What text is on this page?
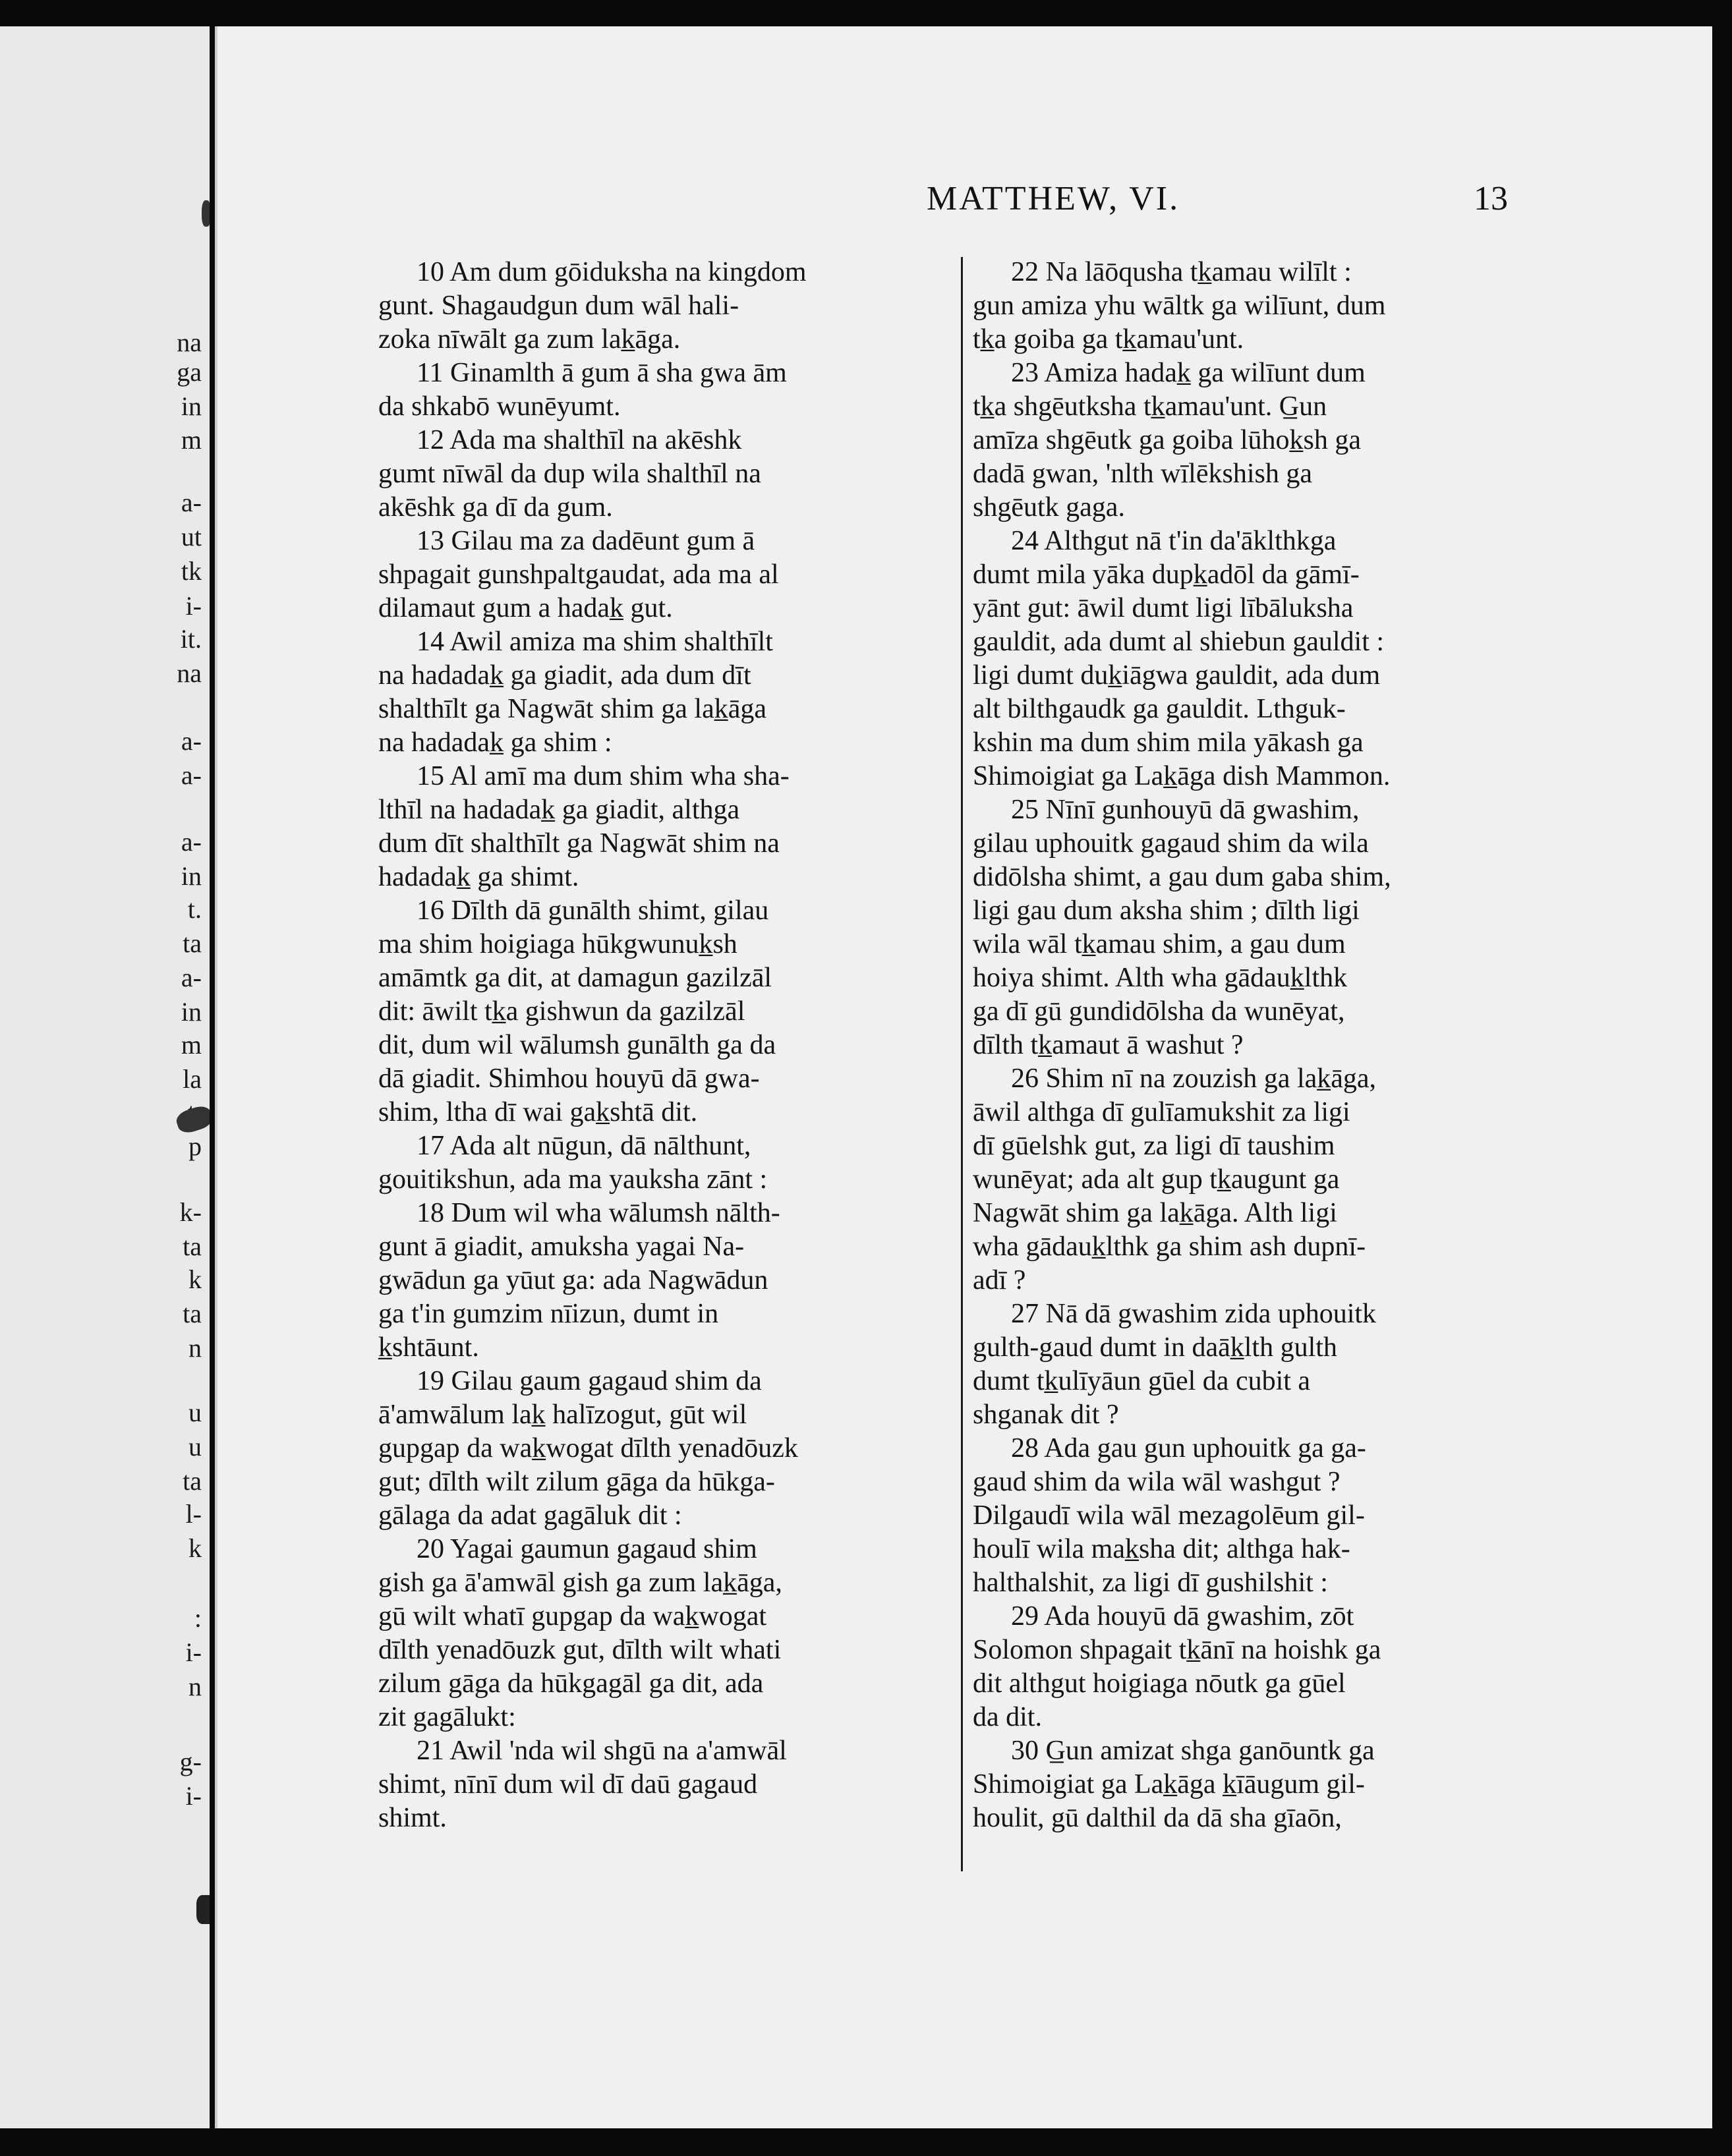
na

ga

in

m

a-

ut

tk

i-

it.

na

a-

a-

a-

in

t.

ta

a-

in

m

la

p

k-

ta

k

ta

n

u

u

ta

l-

k

:

i-

n

g-

i-

MATTHEW, VI.	13
10 Am dum gōiduksha na kingdom
gunt. Shagaudgun dum wāl hali-
zoka nīwālt ga zum lak̲āga.
11 Ginamlth ā gum ā sha gwa ām
da shkabō wunēyumt.
12 Ada ma shalthīl na akēshk
gumt nīwāl da dup wila shalthīl na
akēshk ga dī da gum.
13 Gilau ma za dadēunt gum ā
shpagait gunshpaltgaudat, ada ma al
dilamaut gum a hadak̲ gut.
14 Awil amiza ma shim shalthīlt
na hadadak̲ ga giadit, ada dum dīt
shalthīlt ga Nagwāt shim ga lak̲āga
na hadadak̲ ga shim :
15 Al amī ma dum shim wha sha-
lthīl na hadadak̲ ga giadit, althga
dum dīt shalthīlt ga Nagwāt shim na
hadadak̲ ga shimt.
16 Dīlth dā gunālth shimt, gilau
ma shim hoigiaga hūkgwunuk̲sh
amāmtk ga dit, at damagun gazilzāl
dit: āwilt tk̲a gishwun da gazilzāl
dit, dum wil wālumsh gunālth ga da
dā giadit. Shimhou houyū dā gwa-
shim, ltha dī wai gak̲shtā dit.
17 Ada alt nūgun, dā nālthunt,
gouitikshun, ada ma yauksha zānt :
18 Dum wil wha wālumsh nālth-
gunt ā giadit, amuksha yagai Na-
gwādun ga yūut ga: ada Nagwādun
ga t'in gumzim nīizun, dumt in
k̲shtāunt.
19 Gilau gaum gagaud shim da
ā'amwālum lak̲ halīzogut, gūt wil
gupgap da wak̲wogat dīlth yenadōuzk
gut; dīlth wilt zilum gāga da hūkga-
gālaga da adat gagāluk dit :
20 Yagai gaumun gagaud shim
gish ga ā'amwāl gish ga zum lak̲āga,
gū wilt whatī gupgap da wak̲wogat
dīlth yenadōuzk gut, dīlth wilt whati
zilum gāga da hūkgagāl ga dit, ada
zit gagālukt:
21 Awil 'nda wil shgū na a'amwāl
shimt, nīnī dum wil dī daū gagaud
shimt.
22 Na lāōqusha tk̲amau wilīlt :
gun amiza yhu wāltk ga wilīunt, dum
tk̲a goiba ga tk̲amau'unt.
23 Amiza hadak̲ ga wilīunt dum
tk̲a shgēutksha tk̲amau'unt. G̲un
amīza shgēutk ga goiba lūhok̲sh ga
dadā gwan, 'nlth wīlēkshish ga
shgēutk gaga.
24 Althgut nā t'in da'āklthkga
dumt mila yāka dupk̲adōl da gāmī-
yānt gut: āwil dumt ligi lībāluksha
gauldit, ada dumt al shiebun gauldit :
ligi dumt duk̲iāgwa gauldit, ada dum
alt bilthgaudk ga gauldit. Lthguk-
kshin ma dum shim mila yākash ga
Shimoigiat ga Lak̲āga dish Mammon.
25 Nīnī gunhouyū dā gwashim,
gilau uphouitk gagaud shim da wila
didōlsha shimt, a gau dum gaba shim,
ligi gau dum aksha shim ; dīlth ligi
wila wāl tk̲amau shim, a gau dum
hoiya shimt. Alth wha gādauk̲lthk
ga dī gū gundidōlsha da wunēyat,
dīlth tk̲amaut ā washut ?
26 Shim nī na zouzish ga lak̲āga,
āwil althga dī gulīamukshit za ligi
dī gūelshk gut, za ligi dī taushim
wunēyat; ada alt gup tk̲augunt ga
Nagwāt shim ga lak̲āga. Alth ligi
wha gādauk̲lthk ga shim ash dupnī-
adī ?
27 Nā dā gwashim zida uphouitk
gulth-gaud dumt in daāk̲lth gulth
dumt tk̲ulīyāun gūel da cubit a
shganak dit ?
28 Ada gau gun uphouitk ga ga-
gaud shim da wila wāl washgut ?
Dilgaudī wila wāl mezagolēum gil-
houlī wila mak̲sha dit; althga hak-
halthalshit, za ligi dī gushilshit :
29 Ada houyū dā gwashim, zōt
Solomon shpagait tk̲ānī na hoishk ga
dit althgut hoigiaga nōutk ga gūel
da dit.
30 G̲un amizat shga ganōuntk ga
Shimoigiat ga Lak̲āga k̲īāugum gil-
houlit, gū dalthil da dā sha gīaōn,
